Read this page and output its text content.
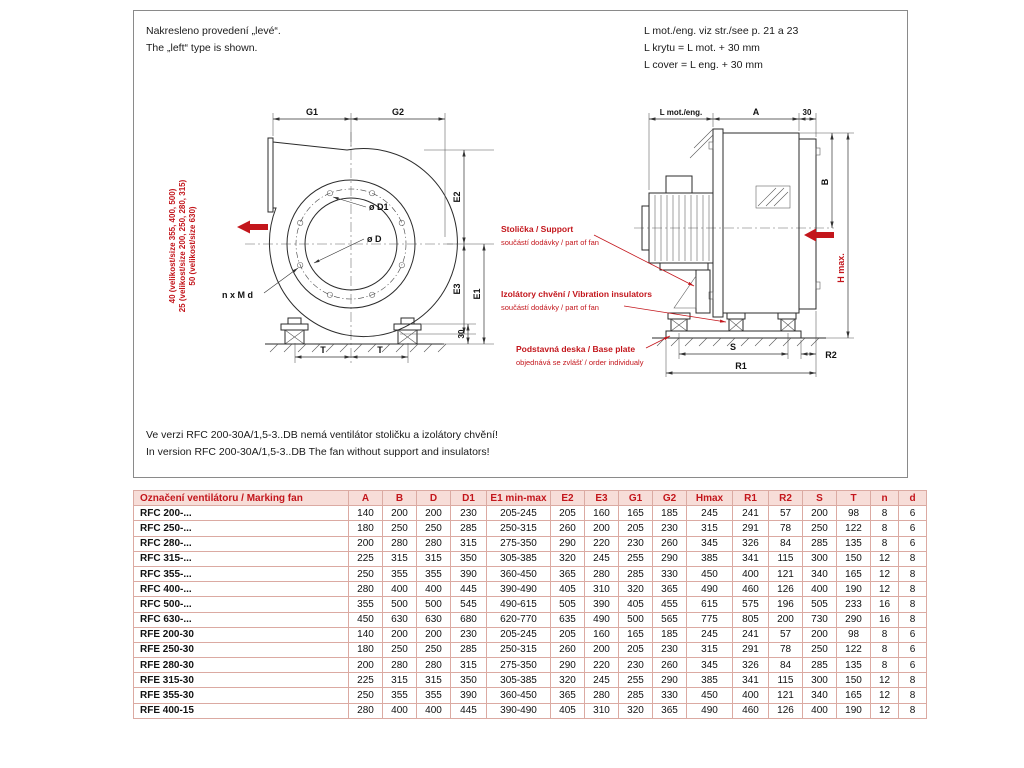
Nakresleno provedení „levé“.
The „left“ type is shown.
L mot./eng. viz str./see p. 21 a 23
L krytu = L mot. + 30 mm
L cover = L eng. + 30 mm
G1	G2
E2
E3 E1
30
T	T
ø D1
ø D
n x M d
40 (velikost/size 355, 400, 500) 25 (velikost/size 200, 250, 280, 315) 50 (velikost/size 630)
L mot./eng.	A	30
B
H max.
S
R2
R1
Stolička / Support
součástí dodávky / part of fan
Izolátory chvění / Vibration insulators
součástí dodávky / part of fan
Podstavná deska / Base plate
objednává se zvlášť / order individualy
Ve verzi RFC 200-30A/1,5-3..DB nemá ventilátor stoličku a izolátory chvění!
In version RFC 200-30A/1,5-3..DB The fan without support and insulators!
Označení ventilátoru / Marking fan	A	B	D	D1	E1 min-max	E2	E3	G1	G2	Hmax	R1	R2	S	T	n	d
RFC 200-...	140	200	200	230	205-245	205	160	165	185	245	241	57	200	98	8	6
RFC 250-...	180	250	250	285	250-315	260	200	205	230	315	291	78	250	122	8	6
RFC 280-...	200	280	280	315	275-350	290	220	230	260	345	326	84	285	135	8	6
RFC 315-...	225	315	315	350	305-385	320	245	255	290	385	341	115	300	150	12	8
RFC 355-...	250	355	355	390	360-450	365	280	285	330	450	400	121	340	165	12	8
RFC 400-...	280	400	400	445	390-490	405	310	320	365	490	460	126	400	190	12	8
RFC 500-...	355	500	500	545	490-615	505	390	405	455	615	575	196	505	233	16	8
RFC 630-...	450	630	630	680	620-770	635	490	500	565	775	805	200	730	290	16	8
RFE 200-30	140	200	200	230	205-245	205	160	165	185	245	241	57	200	98	8	6
RFE 250-30	180	250	250	285	250-315	260	200	205	230	315	291	78	250	122	8	6
RFE 280-30	200	280	280	315	275-350	290	220	230	260	345	326	84	285	135	8	6
RFE 315-30	225	315	315	350	305-385	320	245	255	290	385	341	115	300	150	12	8
RFE 355-30	250	355	355	390	360-450	365	280	285	330	450	400	121	340	165	12	8
RFE 400-15	280	400	400	445	390-490	405	310	320	365	490	460	126	400	190	12	8
